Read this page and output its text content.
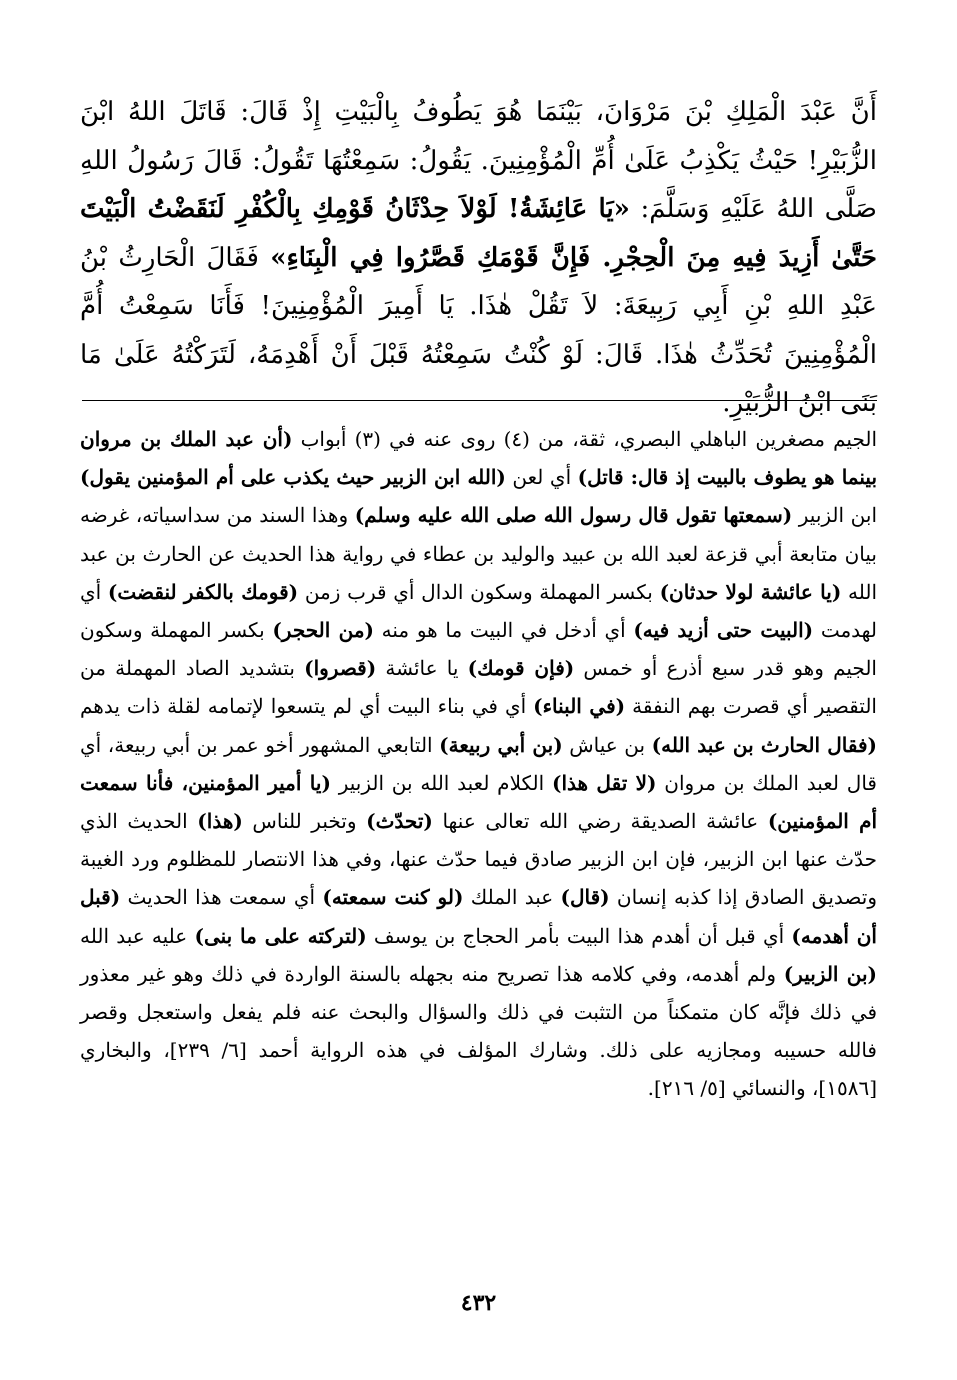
أَنَّ عَبْدَ الْمَلِكِ بْنَ مَرْوَانَ، بَيْنَمَا هُوَ يَطُوفُ بِالْبَيْتِ إِذْ قَالَ: قَاتَلَ اللهُ ابْنَ الزُّبَيْرِ! حَيْثُ يَكْذِبُ عَلَىٰ أُمِّ الْمُؤْمِنِينَ. يَقُولُ: سَمِعْتُهَا تَقُولُ: قَالَ رَسُولُ اللهِ صَلَّى اللهُ عَلَيْهِ وَسَلَّمَ: «يَا عَائِشَةُ! لَوْلاَ حِدْثَانُ قَوْمِكِ بِالْكُفْرِ لَنَقَضْتُ الْبَيْتَ حَتَّىٰ أَزِيدَ فِيهِ مِنَ الْحِجْرِ. فَإِنَّ قَوْمَكِ قَصَّرُوا فِي الْبِنَاءِ» فَقَالَ الْحَارِثُ بْنُ عَبْدِ اللهِ بْنِ أَبِي رَبِيعَةَ: لاَ تَقُلْ هٰذَا. يَا أَمِيرَ الْمُؤْمِنِينَ! فَأَنَا سَمِعْتُ أُمَّ الْمُؤْمِنِينَ تُحَدِّثُ هٰذَا. قَالَ: لَوْ كُنْتُ سَمِعْتُهُ قَبْلَ أَنْ أَهْدِمَهُ، لَتَرَكْتُهُ عَلَىٰ مَا بَنَى ابْنُ الزُّبَيْرِ.

الجيم مصغرين الباهلي البصري، ثقة، من (٤) روى عنه في (٣) أبواب (أن عبد الملك بن مروان بينما هو يطوف بالبيت إذ قال: قاتل) أي لعن (الله ابن الزبير حيث يكذب على أم المؤمنين يقول) ابن الزبير (سمعتها تقول قال رسول الله صلى الله عليه وسلم) وهذا السند من سداسياته، غرضه بيان متابعة أبي قزعة لعبد الله بن عبيد والوليد بن عطاء في رواية هذا الحديث عن الحارث بن عبد الله (يا عائشة لولا حدثان) بكسر المهملة وسكون الدال أي قرب زمن (قومك بالكفر لنقضت) أي لهدمت (البيت حتى أزيد فيه) أي أدخل في البيت ما هو منه (من الحجر) بكسر المهملة وسكون الجيم وهو قدر سبع أذرع أو خمس (فإن قومك) يا عائشة (قصروا) بتشديد الصاد المهملة من التقصير أي قصرت بهم النفقة (في البناء) أي في بناء البيت أي لم يتسعوا لإتمامه لقلة ذات يدهم (فقال الحارث بن عبد الله) بن عياش (بن أبي ربيعة) التابعي المشهور أخو عمر بن أبي ربيعة، أي قال لعبد الملك بن مروان (لا تقل هذا) الكلام لعبد الله بن الزبير (يا أمير المؤمنين، فأنا سمعت أم المؤمنين) عائشة الصديقة رضي الله تعالى عنها (تحدّث) وتخبر للناس (هذا) الحديث الذي حدّث عنها ابن الزبير، فإن ابن الزبير صادق فيما حدّث عنها، وفي هذا الانتصار للمظلوم ورد الغيبة وتصديق الصادق إذا كذبه إنسان (قال) عبد الملك (لو كنت سمعته) أي سمعت هذا الحديث (قبل أن أهدمه) أي قبل أن أهدم هذا البيت بأمر الحجاج بن يوسف (لتركته على ما بنى) عليه عبد الله (بن الزبير) ولم أهدمه، وفي كلامه هذا تصريح منه بجهله بالسنة الواردة في ذلك وهو غير معذور في ذلك فإنَّه كان متمكناً من التثبت في ذلك والسؤال والبحث عنه فلم يفعل واستعجل وقصر فالله حسيبه ومجازيه على ذلك. وشارك المؤلف في هذه الرواية أحمد [٦/ ٢٣٩]، والبخاري [١٥٨٦]، والنسائي [٥/ ٢١٦].

٤٣٢
